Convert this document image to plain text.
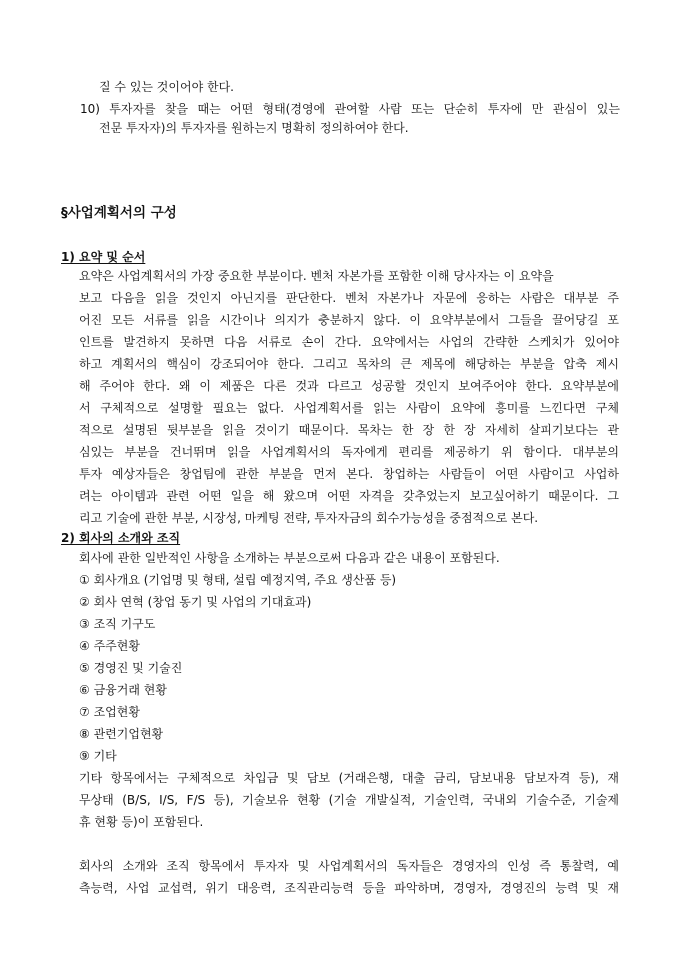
질 수 있는 것이어야 한다.
10) 투자자를 찾을 때는 어떤 형태(경영에 관여할 사람 또는 단순히 투자에 만 관심이 있는
전문 투자자)의 투자자를 원하는지 명확히 정의하여야 한다.
§사업계획서의 구성
1) 요약 및 순서
요약은 사업계획서의 가장 중요한 부분이다. 벤처 자본가를 포함한 이해 당사자는 이 요약을
보고 다음을 읽을 것인지 아닌지를 판단한다. 벤처 자본가나 자문에 응하는 사람은 대부분 주
어진 모든 서류를 읽을 시간이나 의지가 충분하지 않다. 이 요약부분에서 그들을 끌어당길 포
인트를 발견하지 못하면 다음 서류로 손이 간다. 요약에서는 사업의 간략한 스케치가 있어야
하고 계획서의 핵심이 강조되어야 한다. 그리고 목차의 큰 제목에 해당하는 부분을 압축 제시
해 주어야 한다. 왜 이 제품은 다른 것과 다르고 성공할 것인지 보여주어야 한다. 요약부분에
서 구체적으로 설명할 필요는 없다. 사업계획서를 읽는 사람이 요약에 흥미를 느낀다면 구체
적으로 설명된 뒷부분을 읽을 것이기 때문이다. 목차는 한 장 한 장 자세히 살피기보다는 관
심있는 부분을 건너뛰며 읽을 사업계획서의 독자에게 편리를 제공하기 위 함이다. 대부분의
투자 예상자들은 창업팀에 관한 부분을 먼저 본다. 창업하는 사람들이 어떤 사람이고 사업하
려는 아이템과 관련 어떤 일을 해 왔으며 어떤 자격을 갖추었는지 보고싶어하기 때문이다. 그
리고 기술에 관한 부분, 시장성, 마케팅 전략, 투자자금의 회수가능성을 중점적으로 본다.
2) 회사의 소개와 조직
회사에 관한 일반적인 사항을 소개하는 부분으로써 다음과 같은 내용이 포함된다.
① 회사개요 (기업명 및 형태, 설립 예정지역, 주요 생산품 등)
② 회사 연혁 (창업 동기 및 사업의 기대효과)
③ 조직 기구도
④ 주주현황
⑤ 경영진 및 기술진
⑥ 금융거래 현황
⑦ 조업현황
⑧ 관련기업현황
⑨ 기타
기타 항목에서는 구체적으로 차입금 및 담보 (거래은행, 대출 금리, 담보내용 담보자격 등), 재
무상태 (B/S, I/S, F/S 등), 기술보유 현황 (기술 개발실적, 기술인력, 국내외 기술수준, 기술제
휴 현황 등)이 포함된다.
회사의 소개와 조직 항목에서 투자자 및 사업계획서의 독자들은 경영자의 인성 즉 통찰력, 예
측능력, 사업 교섭력, 위기 대응력, 조직관리능력 등을 파악하며, 경영자, 경영진의 능력 및 재
